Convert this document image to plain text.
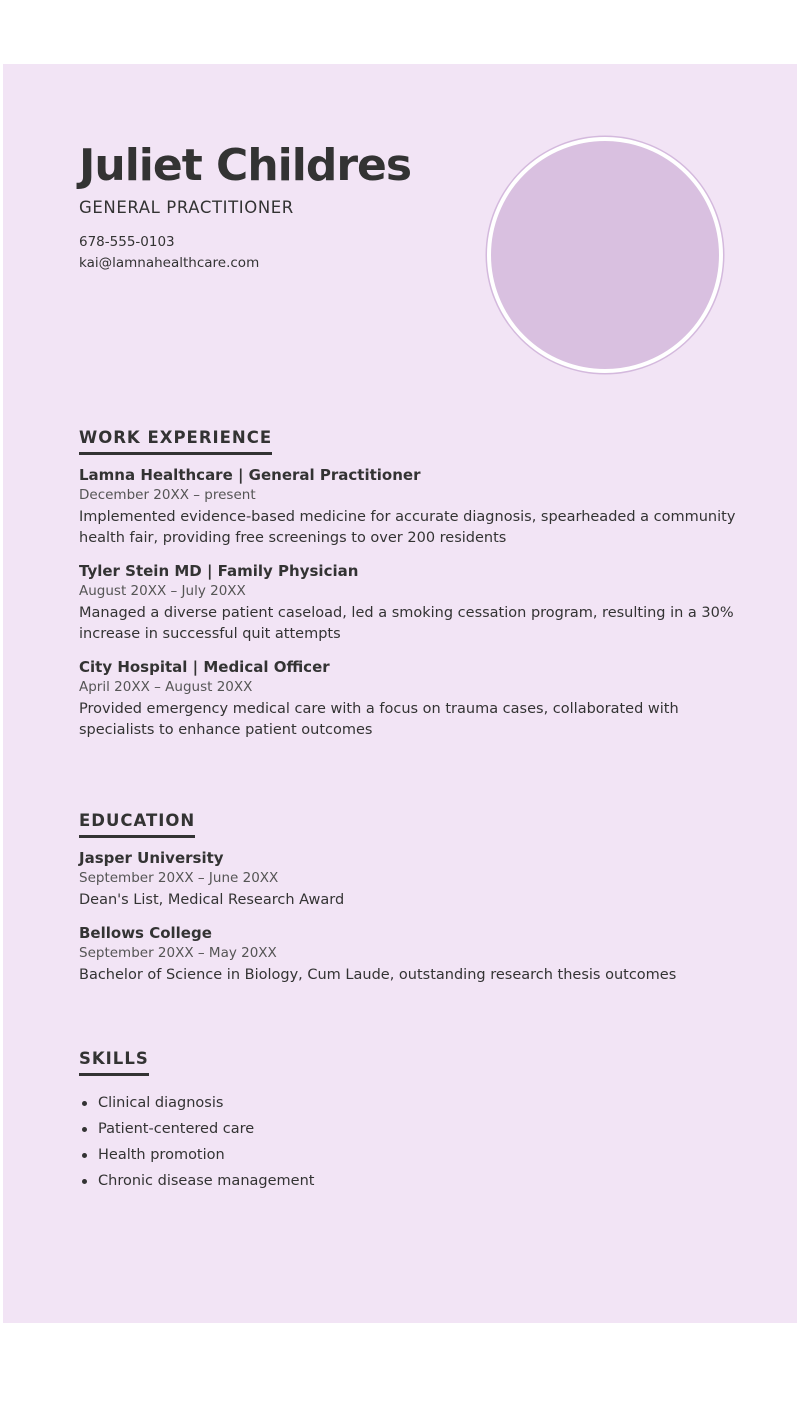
Juliet Childres
GENERAL PRACTITIONER
678-555-0103
kai@lamnahealthcare.com
WORK EXPERIENCE
Lamna Healthcare | General Practitioner
December 20XX – present
Implemented evidence-based medicine for accurate diagnosis, spearheaded a community health fair, providing free screenings to over 200 residents
Tyler Stein MD | Family Physician
August 20XX – July 20XX
Managed a diverse patient caseload, led a smoking cessation program, resulting in a 30% increase in successful quit attempts
City Hospital | Medical Officer
April 20XX – August 20XX
Provided emergency medical care with a focus on trauma cases, collaborated with specialists to enhance patient outcomes
EDUCATION
Jasper University
September 20XX – June 20XX
Dean's List, Medical Research Award
Bellows College
September 20XX – May 20XX
Bachelor of Science in Biology, Cum Laude, outstanding research thesis outcomes
SKILLS
Clinical diagnosis
Patient-centered care
Health promotion
Chronic disease management
